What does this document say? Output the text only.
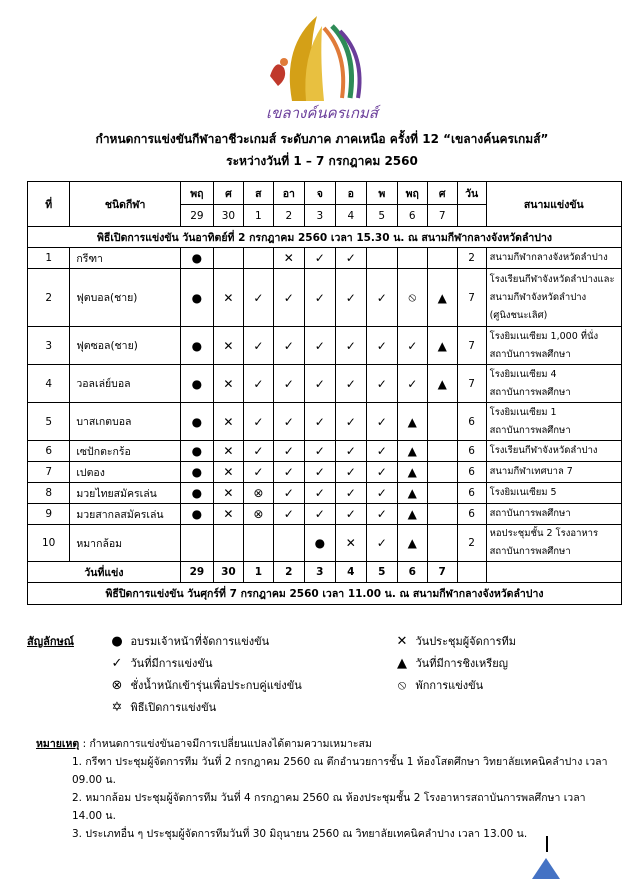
เขลางค์นครเกมส์
กำหนดการแข่งขันกีฬาอาชีวะเกมส์ ระดับภาค ภาคเหนือ ครั้งที่ 12 “เขลางค์นครเกมส์”
ระหว่างวันที่ 1 – 7 กรกฎาคม 2560
ที่	ชนิดกีฬา	พฤ	ศ	ส	อา	จ	อ	พ	พฤ	ศ	วัน	สนามแข่งขัน
		29	30	1	2	3	4	5	6	7		
พิธีเปิดการแข่งขัน วันอาทิตย์ที่ 2 กรกฎาคม 2560 เวลา 15.30 น. ณ สนามกีฬากลางจังหวัดลำปาง												
1	กรีฑา	●			✕	✓	✓				2	สนามกีฬากลางจังหวัดลำปาง

2	ฟุตบอล(ชาย)	●	✕	✓	✓	✓	✓	✓	⦸	▲	7	โรงเรียนกีฬาจังหวัดลำปางและ
สนามกีฬาจังหวัดลำปาง
(ศูนิงชนะเลิศ)

3	ฟุตซอล(ชาย)	●	✕	✓	✓	✓	✓	✓	✓	▲	7	โรงยิมเนเซียม 1,000 ที่นั่ง
สถาบันการพลศึกษา

4	วอลเล่ย์บอล	●	✕	✓	✓	✓	✓	✓	✓	▲	7	โรงยิมเนเซียม 4
สถาบันการพลศึกษา

5	บาสเกตบอล	●	✕	✓	✓	✓	✓	✓	▲		6	โรงยิมเนเซียม 1
สถาบันการพลศึกษา

6	เซปักตะกร้อ	●	✕	✓	✓	✓	✓	✓	▲		6	โรงเรียนกีฬาจังหวัดลำปาง

7	เปตอง	●	✕	✓	✓	✓	✓	✓	▲		6	สนามกีฬาเทศบาล 7

8	มวยไทยสมัครเล่น	●	✕	⊗	✓	✓	✓	✓	▲		6	โรงยิมเนเซียม 5

9	มวยสากลสมัครเล่น	●	✕	⊗	✓	✓	✓	✓	▲		6	สถาบันการพลศึกษา

10	หมากล้อม					●	✕	✓	▲		2	หอประชุมชั้น 2 โรงอาหาร
สถาบันการพลศึกษา

วันที่แข่ง		29	30	1	2	3	4	5	6	7		
พิธีปิดการแข่งขัน วันศุกร์ที่ 7 กรกฎาคม 2560 เวลา 11.00 น. ณ สนามกีฬากลางจังหวัดลำปาง												
สัญลักษณ์	● อบรมเจ้าหน้าที่จัดการแข่งขัน	✕ วันประชุมผู้จัดการทีม
✓ วันที่มีการแข่งขัน	▲ วันที่มีการชิงเหรียญ
⊗ ชั่งน้ำหนักเข้ารุ่นเพื่อประกบคู่แข่งขัน	⦸ พักการแข่งขัน
✡ พิธีเปิดการแข่งขัน

หมายเหตุ : กำหนดการแข่งขันอาจมีการเปลี่ยนแปลงได้ตามความเหมาะสม

1. กรีฑา ประชุมผู้จัดการทีม วันที่ 2 กรกฎาคม 2560 ณ ตึกอำนวยการชั้น 1 ห้องโสตศึกษา วิทยาลัยเทคนิคลำปาง เวลา 09.00 น.

2. หมากล้อม ประชุมผู้จัดการทีม วันที่ 4 กรกฎาคม 2560 ณ ห้องประชุมชั้น 2 โรงอาหารสถาบันการพลศึกษา เวลา 14.00 น.

3. ประเภทอื่น ๆ ประชุมผู้จัดการทีมวันที่ 30 มิถุนายน 2560 ณ วิทยาลัยเทคนิคลำปาง เวลา 13.00 น.
